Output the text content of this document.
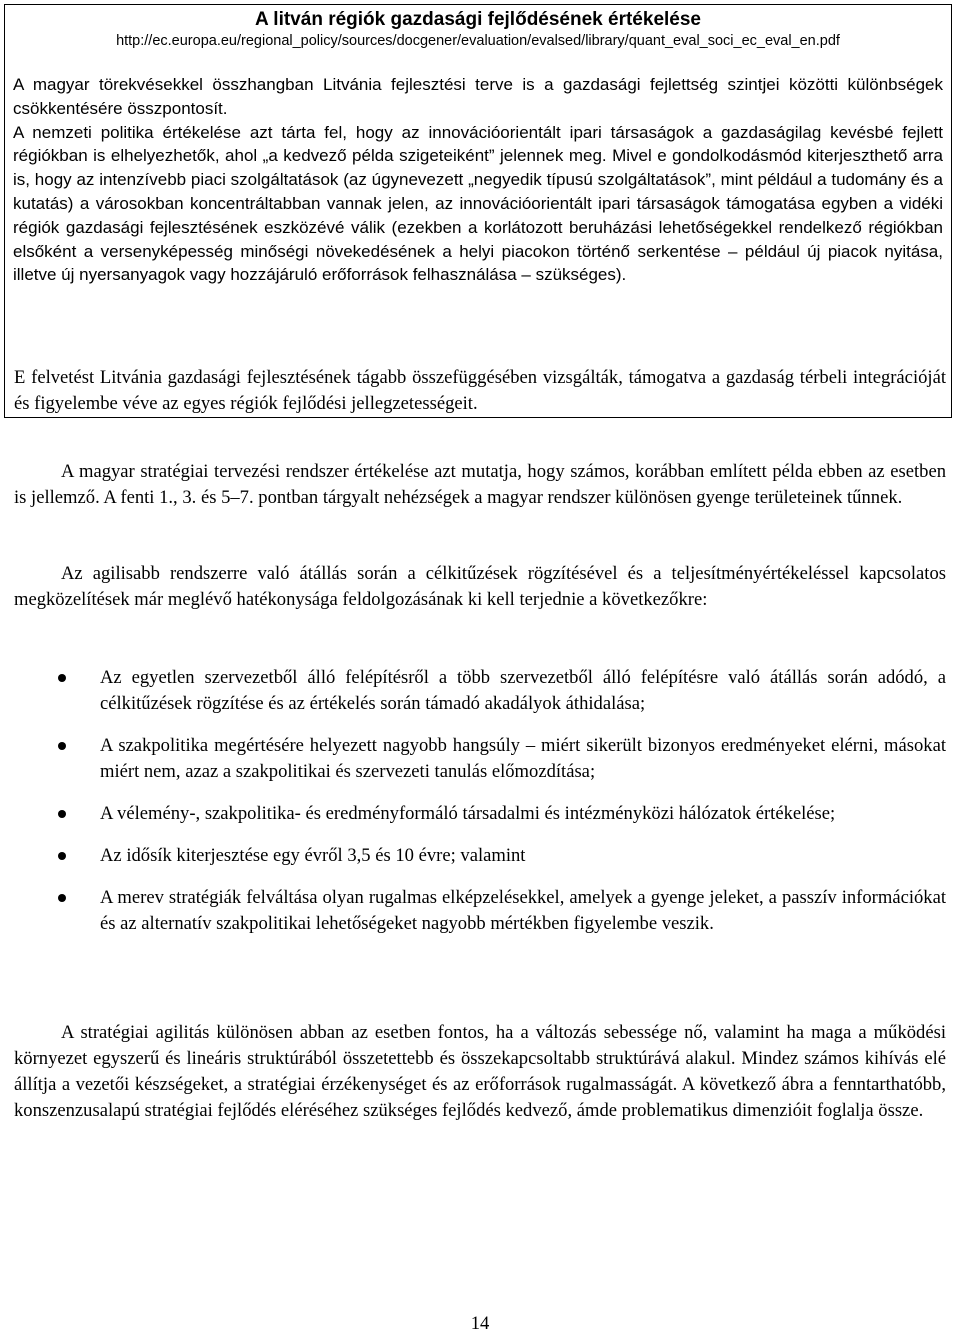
A litván régiók gazdasági fejlődésének értékelése

http://ec.europa.eu/regional_policy/sources/docgener/evaluation/evalsed/library/quant_eval_soci_ec_eval_en.pdf

A magyar törekvésekkel összhangban Litvánia fejlesztési terve is a gazdasági fejlettség szintjei közötti különbségek csökkentésére összpontosít.

A nemzeti politika értékelése azt tárta fel, hogy az innovációorientált ipari társaságok a gazdaságilag kevésbé fejlett régiókban is elhelyezhetők, ahol „a kedvező példa szigeteiként” jelennek meg. Mivel e gondolkodásmód kiterjeszthető arra is, hogy az intenzívebb piaci szolgáltatások (az úgynevezett „negyedik típusú szolgáltatások”, mint például a tudomány és a kutatás) a városokban koncentráltabban vannak jelen, az innovációorientált ipari társaságok támogatása egyben a vidéki régiók gazdasági fejlesztésének eszközévé válik (ezekben a korlátozott beruházási lehetőségekkel rendelkező régiókban elsőként a versenyképesség minőségi növekedésének a helyi piacokon történő serkentése – például új piacok nyitása, illetve új nyersanyagok vagy hozzájáruló erőforrások felhasználása – szükséges).

E felvetést Litvánia gazdasági fejlesztésének tágabb összefüggésében vizsgálták, támogatva a gazdaság térbeli integrációját és figyelembe véve az egyes régiók fejlődési jellegzetességeit.

A magyar stratégiai tervezési rendszer értékelése azt mutatja, hogy számos, korábban említett példa ebben az esetben is jellemző. A fenti 1., 3. és 5–7. pontban tárgyalt nehézségek a magyar rendszer különösen gyenge területeinek tűnnek.

Az agilisabb rendszerre való átállás során a célkitűzések rögzítésével és a teljesítményértékeléssel kapcsolatos megközelítések már meglévő hatékonysága feldolgozásának ki kell terjednie a következőkre:

Az egyetlen szervezetből álló felépítésről a több szervezetből álló felépítésre való átállás során adódó, a célkitűzések rögzítése és az értékelés során támadó akadályok áthidalása;

A szakpolitika megértésére helyezett nagyobb hangsúly – miért sikerült bizonyos eredményeket elérni, másokat miért nem, azaz a szakpolitikai és szervezeti tanulás előmozdítása;

A vélemény-, szakpolitika- és eredményformáló társadalmi és intézményközi hálózatok értékelése;

Az idősík kiterjesztése egy évről 3,5 és 10 évre; valamint

A merev stratégiák felváltása olyan rugalmas elképzelésekkel, amelyek a gyenge jeleket, a passzív információkat és az alternatív szakpolitikai lehetőségeket nagyobb mértékben figyelembe veszik.

A stratégiai agilitás különösen abban az esetben fontos, ha a változás sebessége nő, valamint ha maga a működési környezet egyszerű és lineáris struktúrából összetettebb és összekapcsoltabb struktúrává alakul. Mindez számos kihívás elé állítja a vezetői készségeket, a stratégiai érzékenységet és az erőforrások rugalmasságát. A következő ábra a fenntarthatóbb, konszenzusalapú stratégiai fejlődés eléréséhez szükséges fejlődés kedvező, ámde problematikus dimenzióit foglalja össze.

14
